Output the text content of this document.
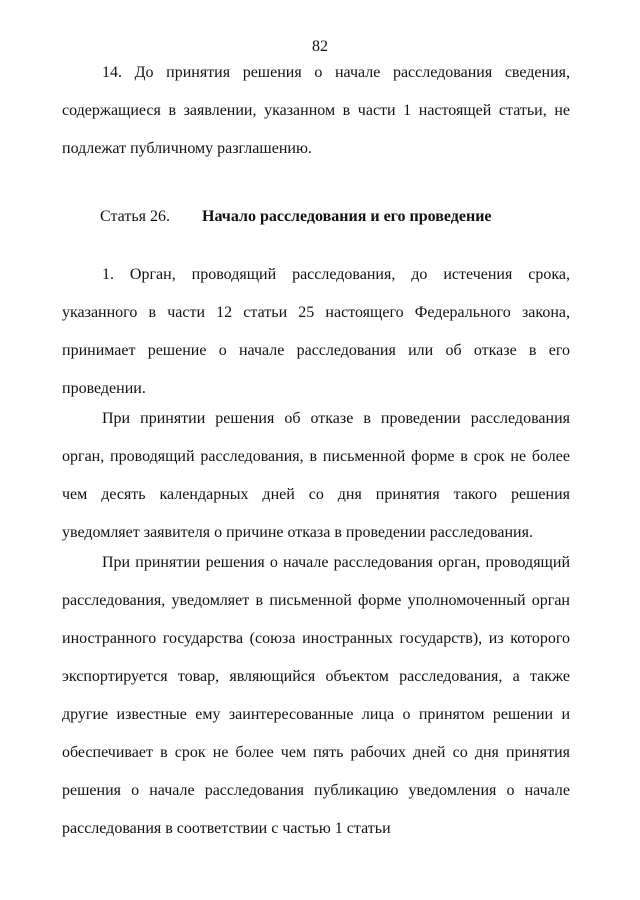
82

14. До принятия решения о начале расследования сведения, содержащиеся в заявлении, указанном в части 1 настоящей статьи, не подлежат публичному разглашению.

Статья 26. Начало расследования и его проведение

1. Орган, проводящий расследования, до истечения срока, указанного в части 12 статьи 25 настоящего Федерального закона, принимает решение о начале расследования или об отказе в его проведении.

При принятии решения об отказе в проведении расследования орган, проводящий расследования, в письменной форме в срок не более чем десять календарных дней со дня принятия такого решения уведомляет заявителя о причине отказа в проведении расследования.

При принятии решения о начале расследования орган, проводящий расследования, уведомляет в письменной форме уполномоченный орган иностранного государства (союза иностранных государств), из которого экспортируется товар, являющийся объектом расследования, а также другие известные ему заинтересованные лица о принятом решении и обеспечивает в срок не более чем пять рабочих дней со дня принятия решения о начале расследования публикацию уведомления о начале расследования в соответствии с частью 1 статьи
